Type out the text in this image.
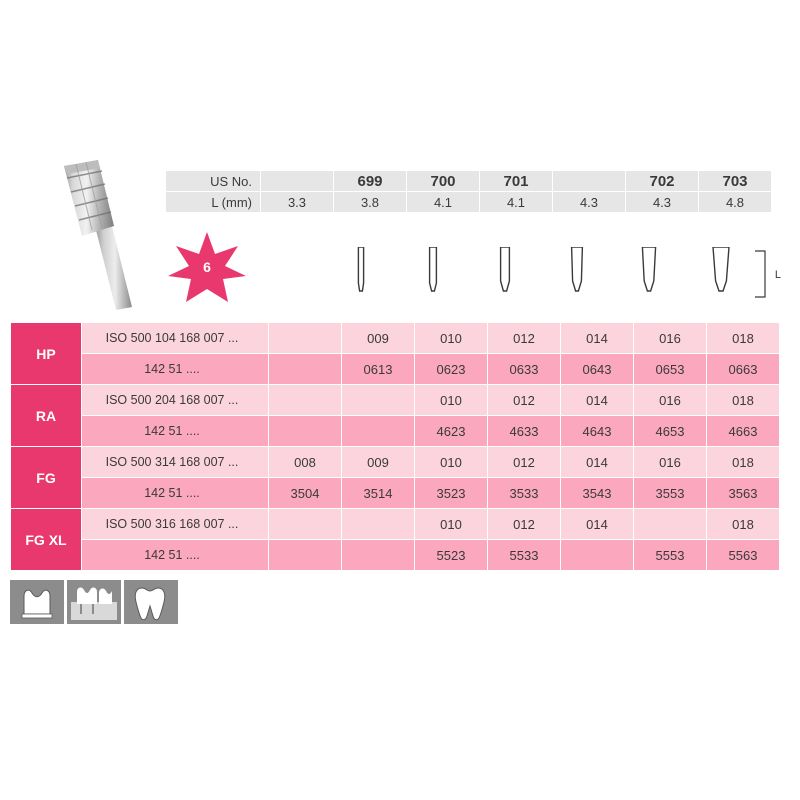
US No.		699	700	701		702	703
L (mm)	3.3	3.8	4.1	4.1	4.3	4.3	4.8
6	L
HP	ISO 500 104 168 007 ...		009	010	012	014	016	018
	142 51 ....		0613	0623	0633	0643	0653	0663
RA	ISO 500 204 168 007 ...			010	012	014	016	018
	142 51 ....			4623	4633	4643	4653	4663
FG	ISO 500 314 168 007 ...	008	009	010	012	014	016	018
	142 51 ....	3504	3514	3523	3533	3543	3553	3563
FG XL	ISO 500 316 168 007 ...			010	012	014		018
	142 51 ....			5523	5533		5553	5563
